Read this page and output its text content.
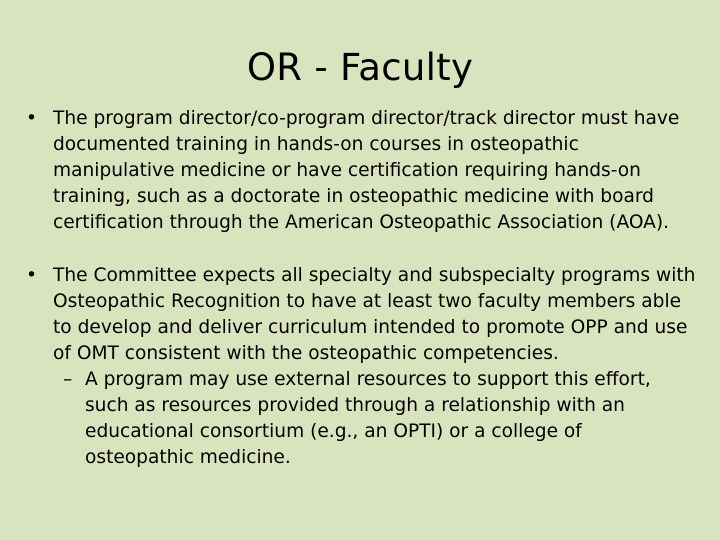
OR - Faculty
• The program director/co-program director/track director must have documented training in hands-on courses in osteopathic manipulative medicine or have certification requiring hands-on training, such as a doctorate in osteopathic medicine with board certification through the American Osteopathic Association (AOA).
• The Committee expects all specialty and subspecialty programs with Osteopathic Recognition to have at least two faculty members able to develop and deliver curriculum intended to promote OPP and use of OMT consistent with the osteopathic competencies.
– A program may use external resources to support this effort, such as resources provided through a relationship with an educational consortium (e.g., an OPTI) or a college of osteopathic medicine.
